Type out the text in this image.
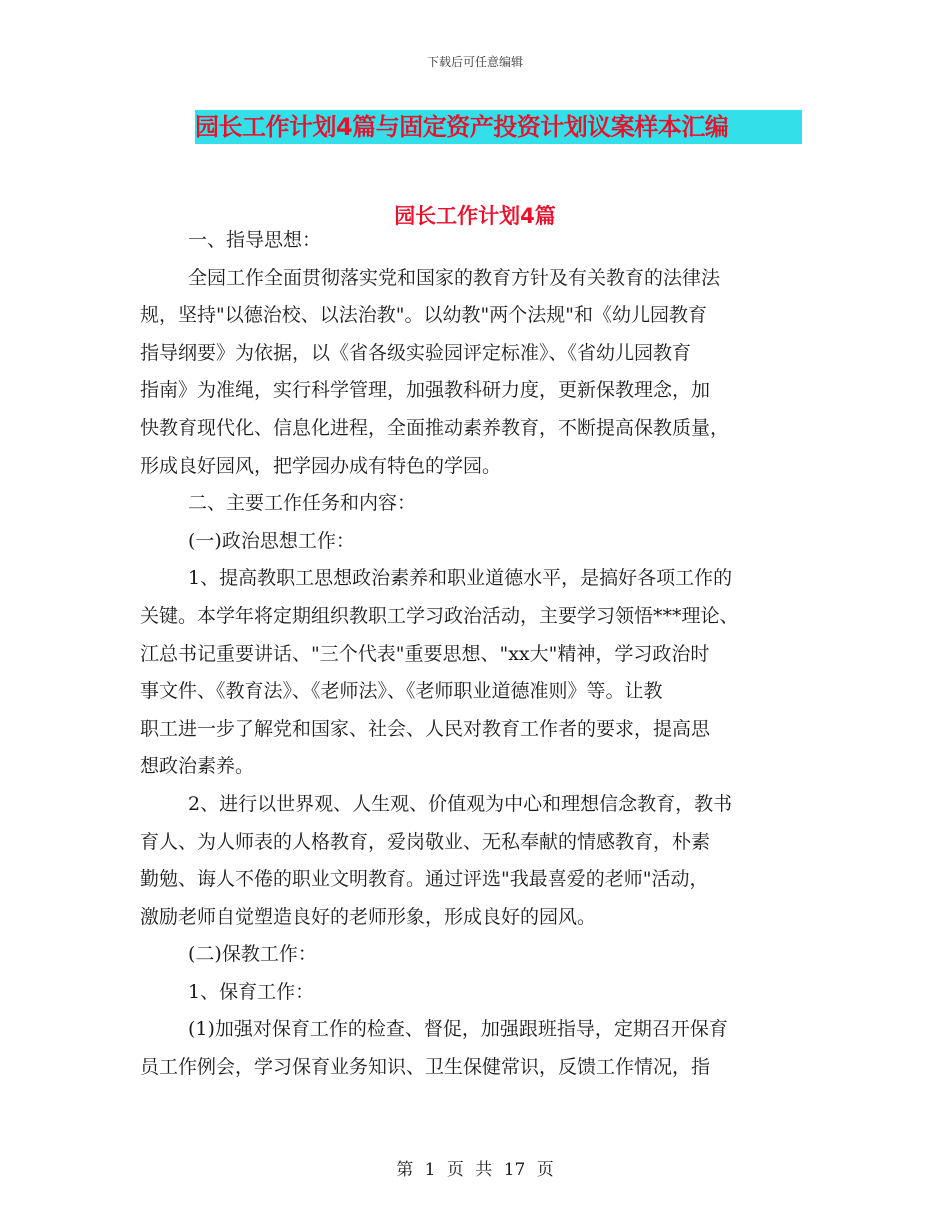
下载后可任意编辑
园长工作计划4篇与固定资产投资计划议案样本汇编
园长工作计划4篇
一、指导思想：
全园工作全面贯彻落实党和国家的教育方针及有关教育的法律法
规，坚持"以德治校、以法治教"。以幼教"两个法规"和《幼儿园教育
指导纲要》为依据，以《省各级实验园评定标准》、《省幼儿园教育
指南》为准绳，实行科学管理，加强教科研力度，更新保教理念，加
快教育现代化、信息化进程，全面推动素养教育，不断提高保教质量，
形成良好园风，把学园办成有特色的学园。
二、主要工作任务和内容：
(一)政治思想工作：
1、提高教职工思想政治素养和职业道德水平，是搞好各项工作的
关键。本学年将定期组织教职工学习政治活动，主要学习领悟***理论、
江总书记重要讲话、"三个代表"重要思想、"xx大"精神，学习政治时
事文件、《教育法》、《老师法》、《老师职业道德准则》等。让教
职工进一步了解党和国家、社会、人民对教育工作者的要求，提高思
想政治素养。
2、进行以世界观、人生观、价值观为中心和理想信念教育，教书
育人、为人师表的人格教育，爱岗敬业、无私奉献的情感教育，朴素
勤勉、诲人不倦的职业文明教育。通过评选"我最喜爱的老师"活动，
激励老师自觉塑造良好的老师形象，形成良好的园风。
(二)保教工作：
1、保育工作：
(1)加强对保育工作的检查、督促，加强跟班指导，定期召开保育
员工作例会，学习保育业务知识、卫生保健常识，反馈工作情况，指
第 1 页 共 17 页
